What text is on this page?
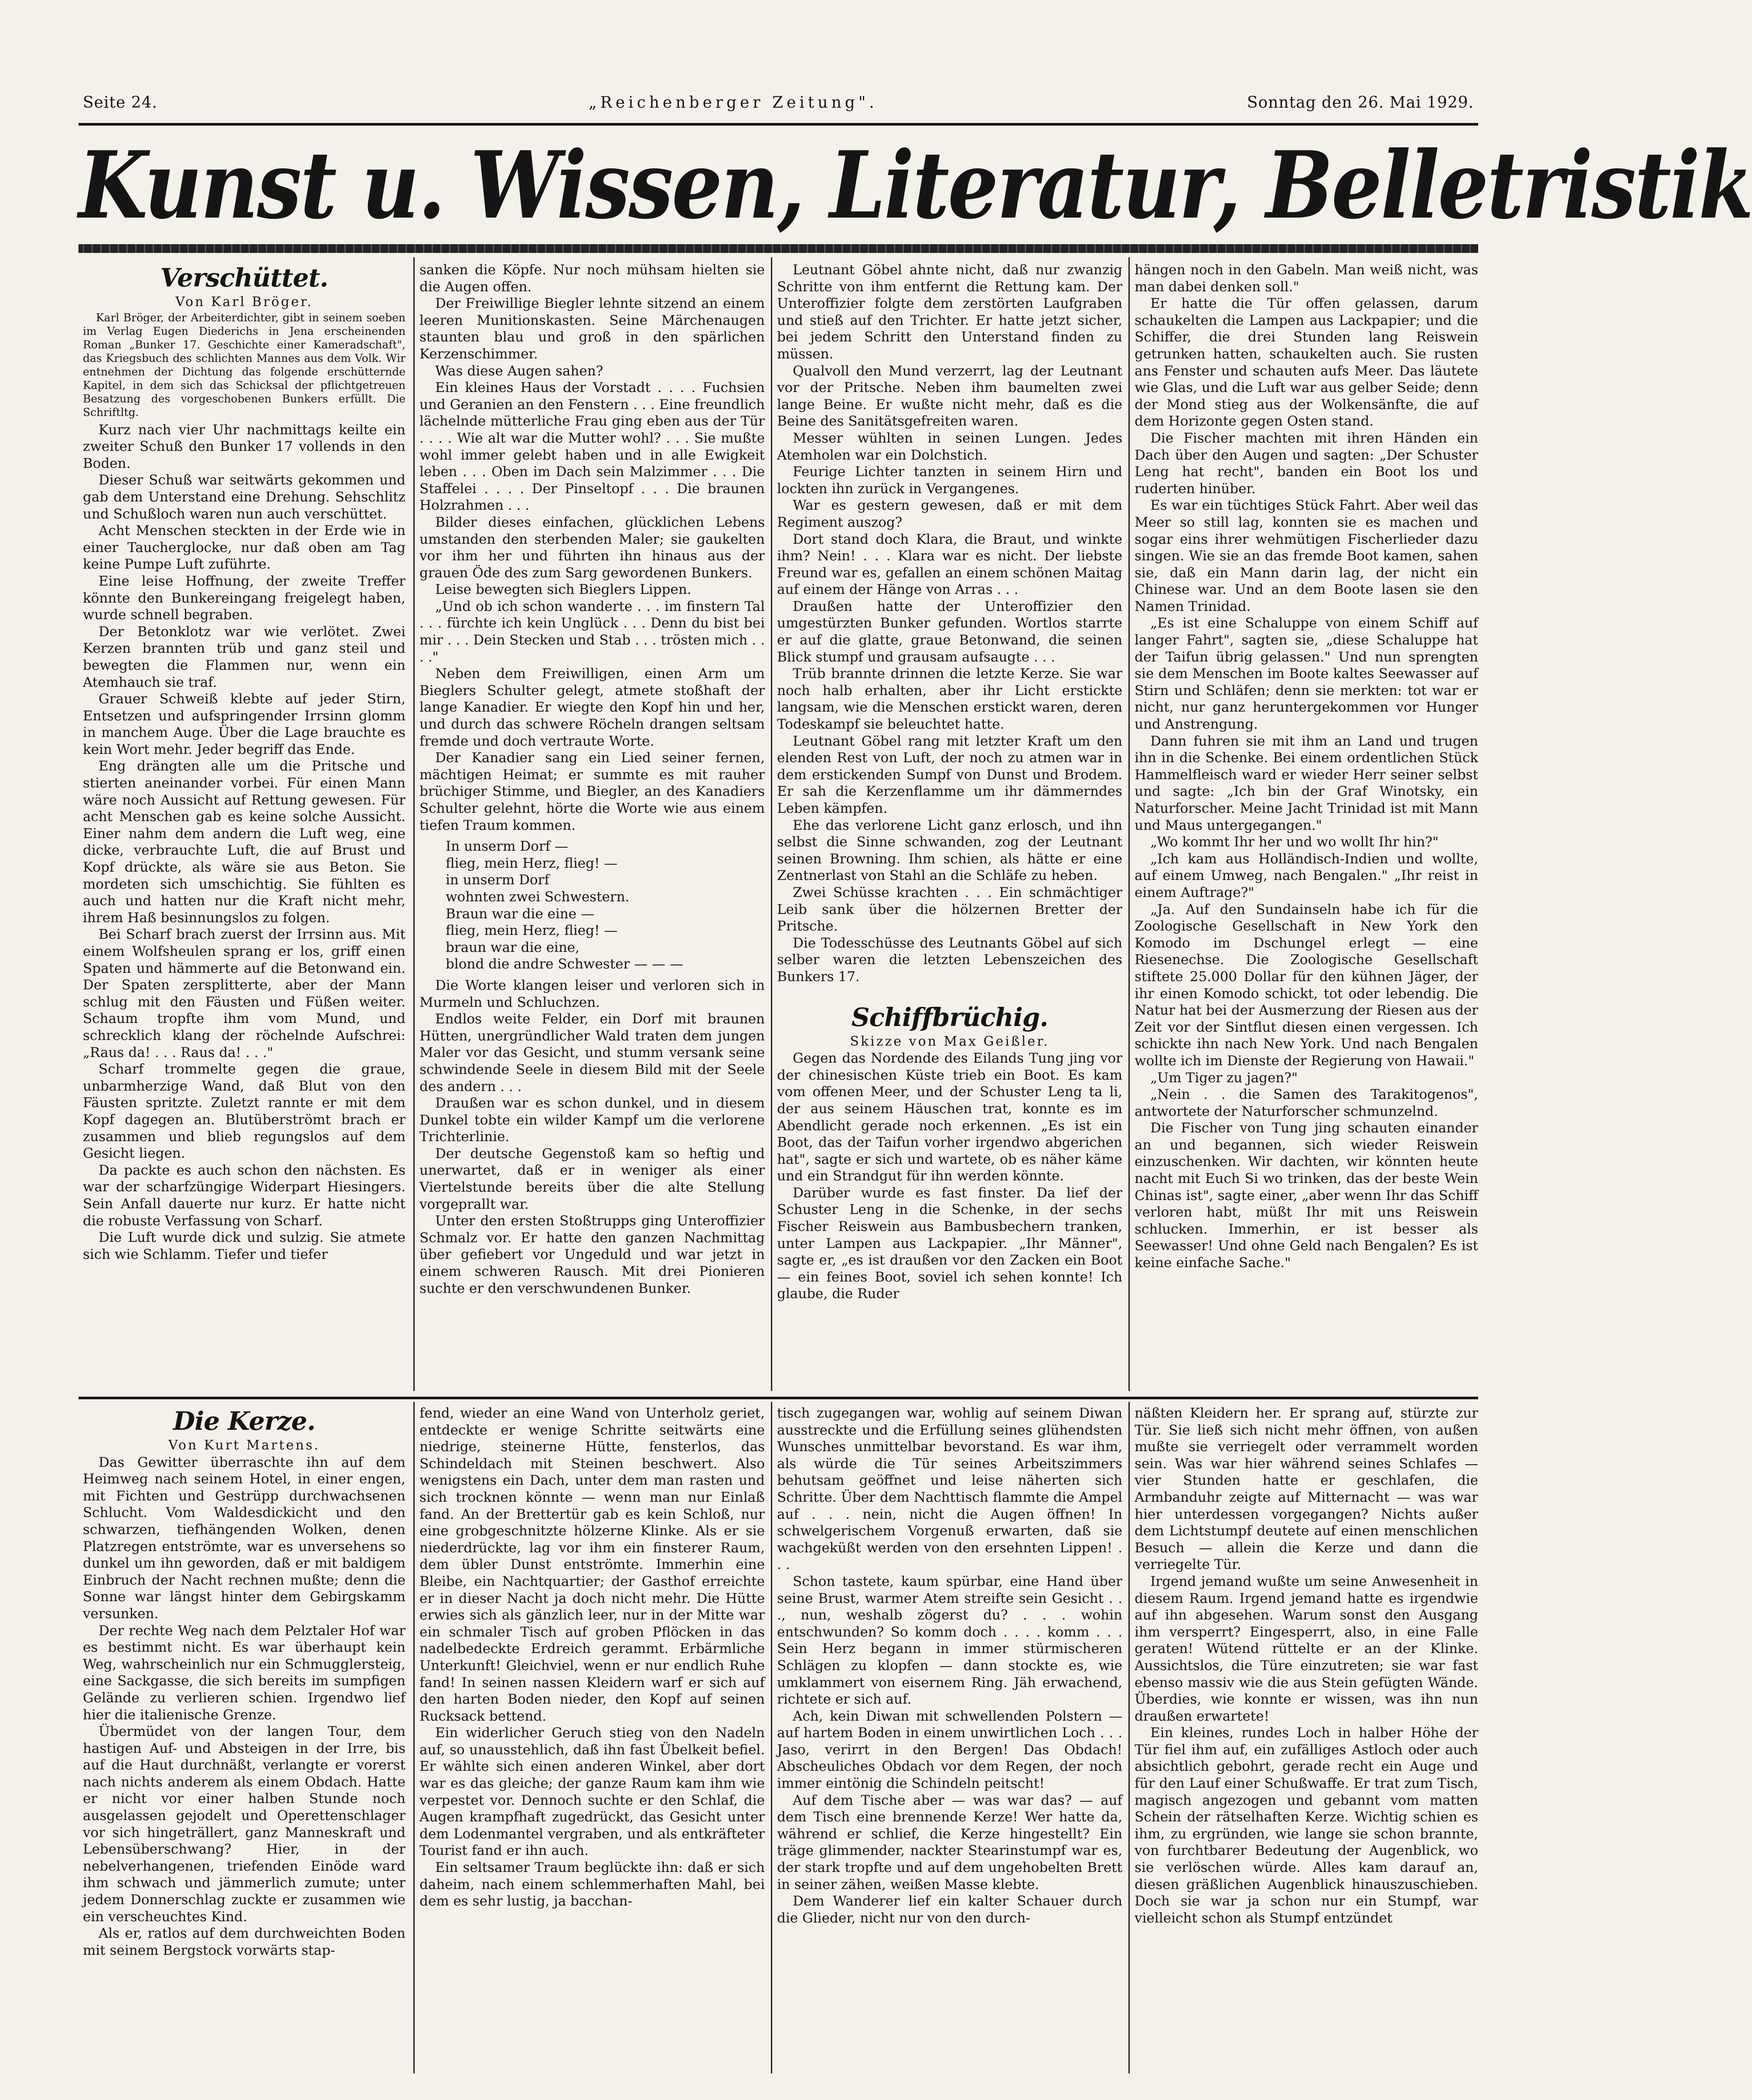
Seite 24.	„Reichenberger Zeitung".	Sonntag den 26. Mai 1929.
Kunst u. Wissen, Literatur, Belletristik

Verschüttet.

Von Karl Bröger.

Karl Bröger, der Arbeiterdichter, gibt in seinem soeben im Verlag Eugen Diederichs in Jena erscheinenden Roman „Bunker 17. Geschichte einer Kameradschaft", das Kriegsbuch des schlichten Mannes aus dem Volk. Wir entnehmen der Dichtung das folgende erschütternde Kapitel, in dem sich das Schicksal der pflichtgetreuen Besatzung des vorgeschobenen Bunkers erfüllt. Die Schriftltg.

Kurz nach vier Uhr nachmittags keilte ein zweiter Schuß den Bunker 17 vollends in den Boden.

Dieser Schuß war seitwärts gekommen und gab dem Unterstand eine Drehung. Sehschlitz und Schußloch waren nun auch verschüttet.

Acht Menschen steckten in der Erde wie in einer Taucherglocke, nur daß oben am Tag keine Pumpe Luft zuführte.

Eine leise Hoffnung, der zweite Treffer könnte den Bunkereingang freigelegt haben, wurde schnell begraben.

Der Betonklotz war wie verlötet. Zwei Kerzen brannten trüb und ganz steil und bewegten die Flammen nur, wenn ein Atemhauch sie traf.

Grauer Schweiß klebte auf jeder Stirn, Entsetzen und aufspringender Irrsinn glomm in manchem Auge. Über die Lage brauchte es kein Wort mehr. Jeder begriff das Ende.

Eng drängten alle um die Pritsche und stierten aneinander vorbei. Für einen Mann wäre noch Aussicht auf Rettung gewesen. Für acht Menschen gab es keine solche Aussicht. Einer nahm dem andern die Luft weg, eine dicke, verbrauchte Luft, die auf Brust und Kopf drückte, als wäre sie aus Beton. Sie mordeten sich umschichtig. Sie fühlten es auch und hatten nur die Kraft nicht mehr, ihrem Haß besinnungslos zu folgen.

Bei Scharf brach zuerst der Irrsinn aus. Mit einem Wolfsheulen sprang er los, griff einen Spaten und hämmerte auf die Betonwand ein. Der Spaten zersplitterte, aber der Mann schlug mit den Fäusten und Füßen weiter. Schaum tropfte ihm vom Mund, und schrecklich klang der röchelnde Aufschrei: „Raus da! . . . Raus da! . . ."

Scharf trommelte gegen die graue, unbarmherzige Wand, daß Blut von den Fäusten spritzte. Zuletzt rannte er mit dem Kopf dagegen an. Blutüberströmt brach er zusammen und blieb regungslos auf dem Gesicht liegen.

Da packte es auch schon den nächsten. Es war der scharfzüngige Widerpart Hiesingers. Sein Anfall dauerte nur kurz. Er hatte nicht die robuste Verfassung von Scharf.

Die Luft wurde dick und sulzig. Sie atmete sich wie Schlamm. Tiefer und tiefer

sanken die Köpfe. Nur noch mühsam hielten sie die Augen offen.

Der Freiwillige Biegler lehnte sitzend an einem leeren Munitionskasten. Seine Märchenaugen staunten blau und groß in den spärlichen Kerzenschimmer.

Was diese Augen sahen?

Ein kleines Haus der Vorstadt . . . . Fuchsien und Geranien an den Fenstern . . . Eine freundlich lächelnde mütterliche Frau ging eben aus der Tür . . . . Wie alt war die Mutter wohl? . . . Sie mußte wohl immer gelebt haben und in alle Ewigkeit leben . . . Oben im Dach sein Malzimmer . . . Die Staffelei . . . . Der Pinseltopf . . . Die braunen Holzrahmen . . .

Bilder dieses einfachen, glücklichen Lebens umstanden den sterbenden Maler; sie gaukelten vor ihm her und führten ihn hinaus aus der grauen Öde des zum Sarg gewordenen Bunkers.

Leise bewegten sich Bieglers Lippen.

„Und ob ich schon wanderte . . . im finstern Tal . . . fürchte ich kein Unglück . . . Denn du bist bei mir . . . Dein Stecken und Stab . . . trösten mich . . . ."

Neben dem Freiwilligen, einen Arm um Bieglers Schulter gelegt, atmete stoßhaft der lange Kanadier. Er wiegte den Kopf hin und her, und durch das schwere Röcheln drangen seltsam fremde und doch vertraute Worte.

Der Kanadier sang ein Lied seiner fernen, mächtigen Heimat; er summte es mit rauher brüchiger Stimme, und Biegler, an des Kanadiers Schulter gelehnt, hörte die Worte wie aus einem tiefen Traum kommen.

In unserm Dorf —

flieg, mein Herz, flieg! —

in unserm Dorf

wohnten zwei Schwestern.

Braun war die eine —

flieg, mein Herz, flieg! —

braun war die eine,

blond die andre Schwester — — —

Die Worte klangen leiser und verloren sich in Murmeln und Schluchzen.

Endlos weite Felder, ein Dorf mit braunen Hütten, unergründlicher Wald traten dem jungen Maler vor das Gesicht, und stumm versank seine schwindende Seele in diesem Bild mit der Seele des andern . . .

Draußen war es schon dunkel, und in diesem Dunkel tobte ein wilder Kampf um die verlorene Trichterlinie.

Der deutsche Gegenstoß kam so heftig und unerwartet, daß er in weniger als einer Viertelstunde bereits über die alte Stellung vorgeprallt war.

Unter den ersten Stoßtrupps ging Unteroffizier Schmalz vor. Er hatte den ganzen Nachmittag über gefiebert vor Ungeduld und war jetzt in einem schweren Rausch. Mit drei Pionieren suchte er den verschwundenen Bunker.

Leutnant Göbel ahnte nicht, daß nur zwanzig Schritte von ihm entfernt die Rettung kam. Der Unteroffizier folgte dem zerstörten Laufgraben und stieß auf den Trichter. Er hatte jetzt sicher, bei jedem Schritt den Unterstand finden zu müssen.

Qualvoll den Mund verzerrt, lag der Leutnant vor der Pritsche. Neben ihm baumelten zwei lange Beine. Er wußte nicht mehr, daß es die Beine des Sanitätsgefreiten waren.

Messer wühlten in seinen Lungen. Jedes Atemholen war ein Dolchstich.

Feurige Lichter tanzten in seinem Hirn und lockten ihn zurück in Vergangenes.

War es gestern gewesen, daß er mit dem Regiment auszog?

Dort stand doch Klara, die Braut, und winkte ihm? Nein! . . . Klara war es nicht. Der liebste Freund war es, gefallen an einem schönen Maitag auf einem der Hänge von Arras . . .

Draußen hatte der Unteroffizier den umgestürzten Bunker gefunden. Wortlos starrte er auf die glatte, graue Betonwand, die seinen Blick stumpf und grausam aufsaugte . . .

Trüb brannte drinnen die letzte Kerze. Sie war noch halb erhalten, aber ihr Licht erstickte langsam, wie die Menschen erstickt waren, deren Todeskampf sie beleuchtet hatte.

Leutnant Göbel rang mit letzter Kraft um den elenden Rest von Luft, der noch zu atmen war in dem erstickenden Sumpf von Dunst und Brodem. Er sah die Kerzenflamme um ihr dämmerndes Leben kämpfen.

Ehe das verlorene Licht ganz erlosch, und ihn selbst die Sinne schwanden, zog der Leutnant seinen Browning. Ihm schien, als hätte er eine Zentnerlast von Stahl an die Schläfe zu heben.

Zwei Schüsse krachten . . . Ein schmächtiger Leib sank über die hölzernen Bretter der Pritsche.

Die Todesschüsse des Leutnants Göbel auf sich selber waren die letzten Lebenszeichen des Bunkers 17.

Schiffbrüchig.

Skizze von Max Geißler.

Gegen das Nordende des Eilands Tung jing vor der chinesischen Küste trieb ein Boot. Es kam vom offenen Meer, und der Schuster Leng ta li, der aus seinem Häuschen trat, konnte es im Abendlicht gerade noch erkennen. „Es ist ein Boot, das der Taifun vorher irgendwo abgerichen hat", sagte er sich und wartete, ob es näher käme und ein Strandgut für ihn werden könnte.

Darüber wurde es fast finster. Da lief der Schuster Leng in die Schenke, in der sechs Fischer Reiswein aus Bambusbechern tranken, unter Lampen aus Lackpapier. „Ihr Männer", sagte er, „es ist draußen vor den Zacken ein Boot — ein feines Boot, soviel ich sehen konnte! Ich glaube, die Ruder

hängen noch in den Gabeln. Man weiß nicht, was man dabei denken soll."

Er hatte die Tür offen gelassen, darum schaukelten die Lampen aus Lackpapier; und die Schiffer, die drei Stunden lang Reiswein getrunken hatten, schaukelten auch. Sie rusten ans Fenster und schauten aufs Meer. Das läutete wie Glas, und die Luft war aus gelber Seide; denn der Mond stieg aus der Wolkensänfte, die auf dem Horizonte gegen Osten stand.

Die Fischer machten mit ihren Händen ein Dach über den Augen und sagten: „Der Schuster Leng hat recht", banden ein Boot los und ruderten hinüber.

Es war ein tüchtiges Stück Fahrt. Aber weil das Meer so still lag, konnten sie es machen und sogar eins ihrer wehmütigen Fischerlieder dazu singen. Wie sie an das fremde Boot kamen, sahen sie, daß ein Mann darin lag, der nicht ein Chinese war. Und an dem Boote lasen sie den Namen Trinidad.

„Es ist eine Schaluppe von einem Schiff auf langer Fahrt", sagten sie, „diese Schaluppe hat der Taifun übrig gelassen." Und nun sprengten sie dem Menschen im Boote kaltes Seewasser auf Stirn und Schläfen; denn sie merkten: tot war er nicht, nur ganz heruntergekommen vor Hunger und Anstrengung.

Dann fuhren sie mit ihm an Land und trugen ihn in die Schenke. Bei einem ordentlichen Stück Hammelfleisch ward er wieder Herr seiner selbst und sagte: „Ich bin der Graf Winotsky, ein Naturforscher. Meine Jacht Trinidad ist mit Mann und Maus untergegangen."

„Wo kommt Ihr her und wo wollt Ihr hin?"

„Ich kam aus Holländisch-Indien und wollte, auf einem Umweg, nach Bengalen." „Ihr reist in einem Auftrage?"

„Ja. Auf den Sundainseln habe ich für die Zoologische Gesellschaft in New York den Komodo im Dschungel erlegt — eine Riesenechse. Die Zoologische Gesellschaft stiftete 25.000 Dollar für den kühnen Jäger, der ihr einen Komodo schickt, tot oder lebendig. Die Natur hat bei der Ausmerzung der Riesen aus der Zeit vor der Sintflut diesen einen vergessen. Ich schickte ihn nach New York. Und nach Bengalen wollte ich im Dienste der Regierung von Hawaii."

„Um Tiger zu jagen?"

„Nein . . die Samen des Tarakitogenos", antwortete der Naturforscher schmunzelnd.

Die Fischer von Tung jing schauten einander an und begannen, sich wieder Reiswein einzuschenken. Wir dachten, wir könnten heute nacht mit Euch Si wo trinken, das der beste Wein Chinas ist", sagte einer, „aber wenn Ihr das Schiff verloren habt, müßt Ihr mit uns Reiswein schlucken. Immerhin, er ist besser als Seewasser! Und ohne Geld nach Bengalen? Es ist keine einfache Sache."

Die Kerze.

Von Kurt Martens.

Das Gewitter überraschte ihn auf dem Heimweg nach seinem Hotel, in einer engen, mit Fichten und Gestrüpp durchwachsenen Schlucht. Vom Waldesdickicht und den schwarzen, tiefhängenden Wolken, denen Platzregen entströmte, war es unversehens so dunkel um ihn geworden, daß er mit baldigem Einbruch der Nacht rechnen mußte; denn die Sonne war längst hinter dem Gebirgskamm versunken.

Der rechte Weg nach dem Pelztaler Hof war es bestimmt nicht. Es war überhaupt kein Weg, wahrscheinlich nur ein Schmugglersteig, eine Sackgasse, die sich bereits im sumpfigen Gelände zu verlieren schien. Irgendwo lief hier die italienische Grenze.

Übermüdet von der langen Tour, dem hastigen Auf- und Absteigen in der Irre, bis auf die Haut durchnäßt, verlangte er vorerst nach nichts anderem als einem Obdach. Hatte er nicht vor einer halben Stunde noch ausgelassen gejodelt und Operettenschlager vor sich hingeträllert, ganz Manneskraft und Lebensüberschwang? Hier, in der nebelverhangenen, triefenden Einöde ward ihm schwach und jämmerlich zumute; unter jedem Donnerschlag zuckte er zusammen wie ein verscheuchtes Kind.

Als er, ratlos auf dem durchweichten Boden mit seinem Bergstock vorwärts stap-

fend, wieder an eine Wand von Unterholz geriet, entdeckte er wenige Schritte seitwärts eine niedrige, steinerne Hütte, fensterlos, das Schindeldach mit Steinen beschwert. Also wenigstens ein Dach, unter dem man rasten und sich trocknen könnte — wenn man nur Einlaß fand. An der Brettertür gab es kein Schloß, nur eine grobgeschnitzte hölzerne Klinke. Als er sie niederdrückte, lag vor ihm ein finsterer Raum, dem übler Dunst entströmte. Immerhin eine Bleibe, ein Nachtquartier; der Gasthof erreichte er in dieser Nacht ja doch nicht mehr. Die Hütte erwies sich als gänzlich leer, nur in der Mitte war ein schmaler Tisch auf groben Pflöcken in das nadelbedeckte Erdreich gerammt. Erbärmliche Unterkunft! Gleichviel, wenn er nur endlich Ruhe fand! In seinen nassen Kleidern warf er sich auf den harten Boden nieder, den Kopf auf seinen Rucksack bettend.

Ein widerlicher Geruch stieg von den Nadeln auf, so unausstehlich, daß ihn fast Übelkeit befiel. Er wählte sich einen anderen Winkel, aber dort war es das gleiche; der ganze Raum kam ihm wie verpestet vor. Dennoch suchte er den Schlaf, die Augen krampfhaft zugedrückt, das Gesicht unter dem Lodenmantel vergraben, und als entkräfteter Tourist fand er ihn auch.

Ein seltsamer Traum beglückte ihn: daß er sich daheim, nach einem schlemmerhaften Mahl, bei dem es sehr lustig, ja bacchan-

tisch zugegangen war, wohlig auf seinem Diwan ausstreckte und die Erfüllung seines glühendsten Wunsches unmittelbar bevorstand. Es war ihm, als würde die Tür seines Arbeitszimmers behutsam geöffnet und leise näherten sich Schritte. Über dem Nachttisch flammte die Ampel auf . . . nein, nicht die Augen öffnen! In schwelgerischem Vorgenuß erwarten, daß sie wachgeküßt werden von den ersehnten Lippen! . . .

Schon tastete, kaum spürbar, eine Hand über seine Brust, warmer Atem streifte sein Gesicht . . ., nun, weshalb zögerst du? . . . wohin entschwunden? So komm doch . . . . komm . . . Sein Herz begann in immer stürmischeren Schlägen zu klopfen — dann stockte es, wie umklammert von eisernem Ring. Jäh erwachend, richtete er sich auf.

Ach, kein Diwan mit schwellenden Polstern — auf hartem Boden in einem unwirtlichen Loch . . . Jaso, verirrt in den Bergen! Das Obdach! Abscheuliches Obdach vor dem Regen, der noch immer eintönig die Schindeln peitscht!

Auf dem Tische aber — was war das? — auf dem Tisch eine brennende Kerze! Wer hatte da, während er schlief, die Kerze hingestellt? Ein träge glimmender, nackter Stearinstumpf war es, der stark tropfte und auf dem ungehobelten Brett in seiner zähen, weißen Masse klebte.

Dem Wanderer lief ein kalter Schauer durch die Glieder, nicht nur von den durch-

näßten Kleidern her. Er sprang auf, stürzte zur Tür. Sie ließ sich nicht mehr öffnen, von außen mußte sie verriegelt oder verrammelt worden sein. Was war hier während seines Schlafes — vier Stunden hatte er geschlafen, die Armbanduhr zeigte auf Mitternacht — was war hier unterdessen vorgegangen? Nichts außer dem Lichtstumpf deutete auf einen menschlichen Besuch — allein die Kerze und dann die verriegelte Tür.

Irgend jemand wußte um seine Anwesenheit in diesem Raum. Irgend jemand hatte es irgendwie auf ihn abgesehen. Warum sonst den Ausgang ihm versperrt? Eingesperrt, also, in eine Falle geraten! Wütend rüttelte er an der Klinke. Aussichtslos, die Türe einzutreten; sie war fast ebenso massiv wie die aus Stein gefügten Wände. Überdies, wie konnte er wissen, was ihn nun draußen erwartete!

Ein kleines, rundes Loch in halber Höhe der Tür fiel ihm auf, ein zufälliges Astloch oder auch absichtlich gebohrt, gerade recht ein Auge und für den Lauf einer Schußwaffe. Er trat zum Tisch, magisch angezogen und gebannt vom matten Schein der rätselhaften Kerze. Wichtig schien es ihm, zu ergründen, wie lange sie schon brannte, von furchtbarer Bedeutung der Augenblick, wo sie verlöschen würde. Alles kam darauf an, diesen gräßlichen Augenblick hinauszuschieben. Doch sie war ja schon nur ein Stumpf, war vielleicht schon als Stumpf entzündet
